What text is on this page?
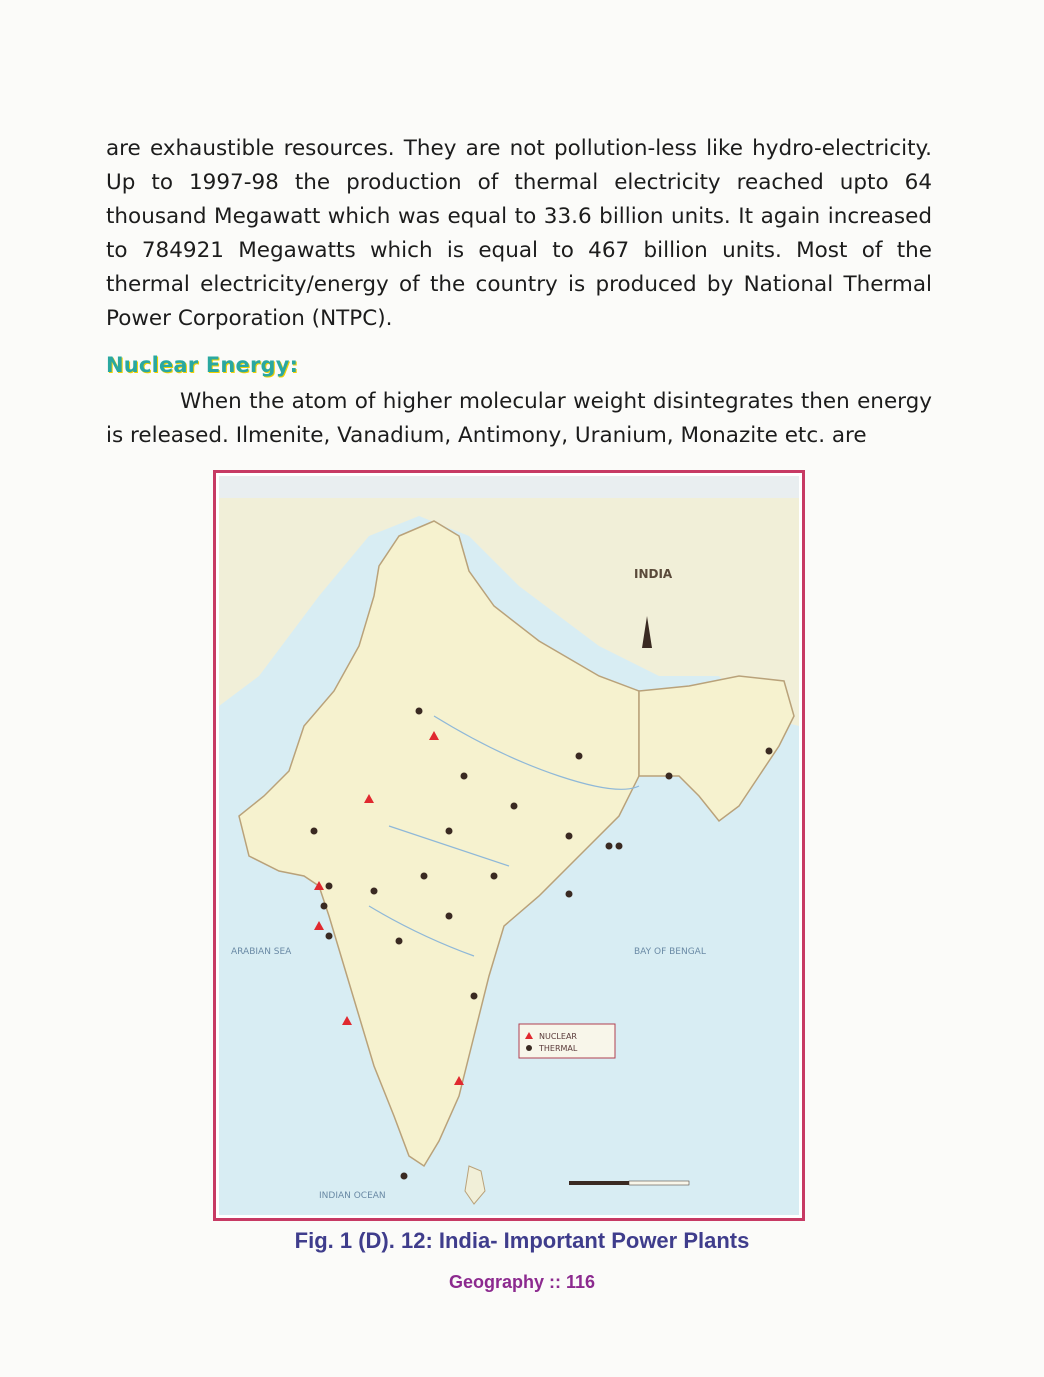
are exhaustible resources. They are not pollution-less like hydro-electricity. Up to 1997-98 the production of thermal electricity reached upto 64 thousand Megawatt which was equal to 33.6 billion units. It again increased to 784921 Megawatts which is equal to 467 billion units. Most of the thermal electricity/energy of the country is produced by National Thermal Power Corporation (NTPC).

Nuclear Energy:

When the atom of higher molecular weight disintegrates then energy is released. Ilmenite, Vanadium, Antimony, Uranium, Monazite etc. are

INDIA
ARABIAN SEA	BAY OF BENGAL
INDIAN OCEAN
NUCLEAR
THERMAL
Fig. 1 (D). 12: India- Important Power Plants
Geography :: 116
